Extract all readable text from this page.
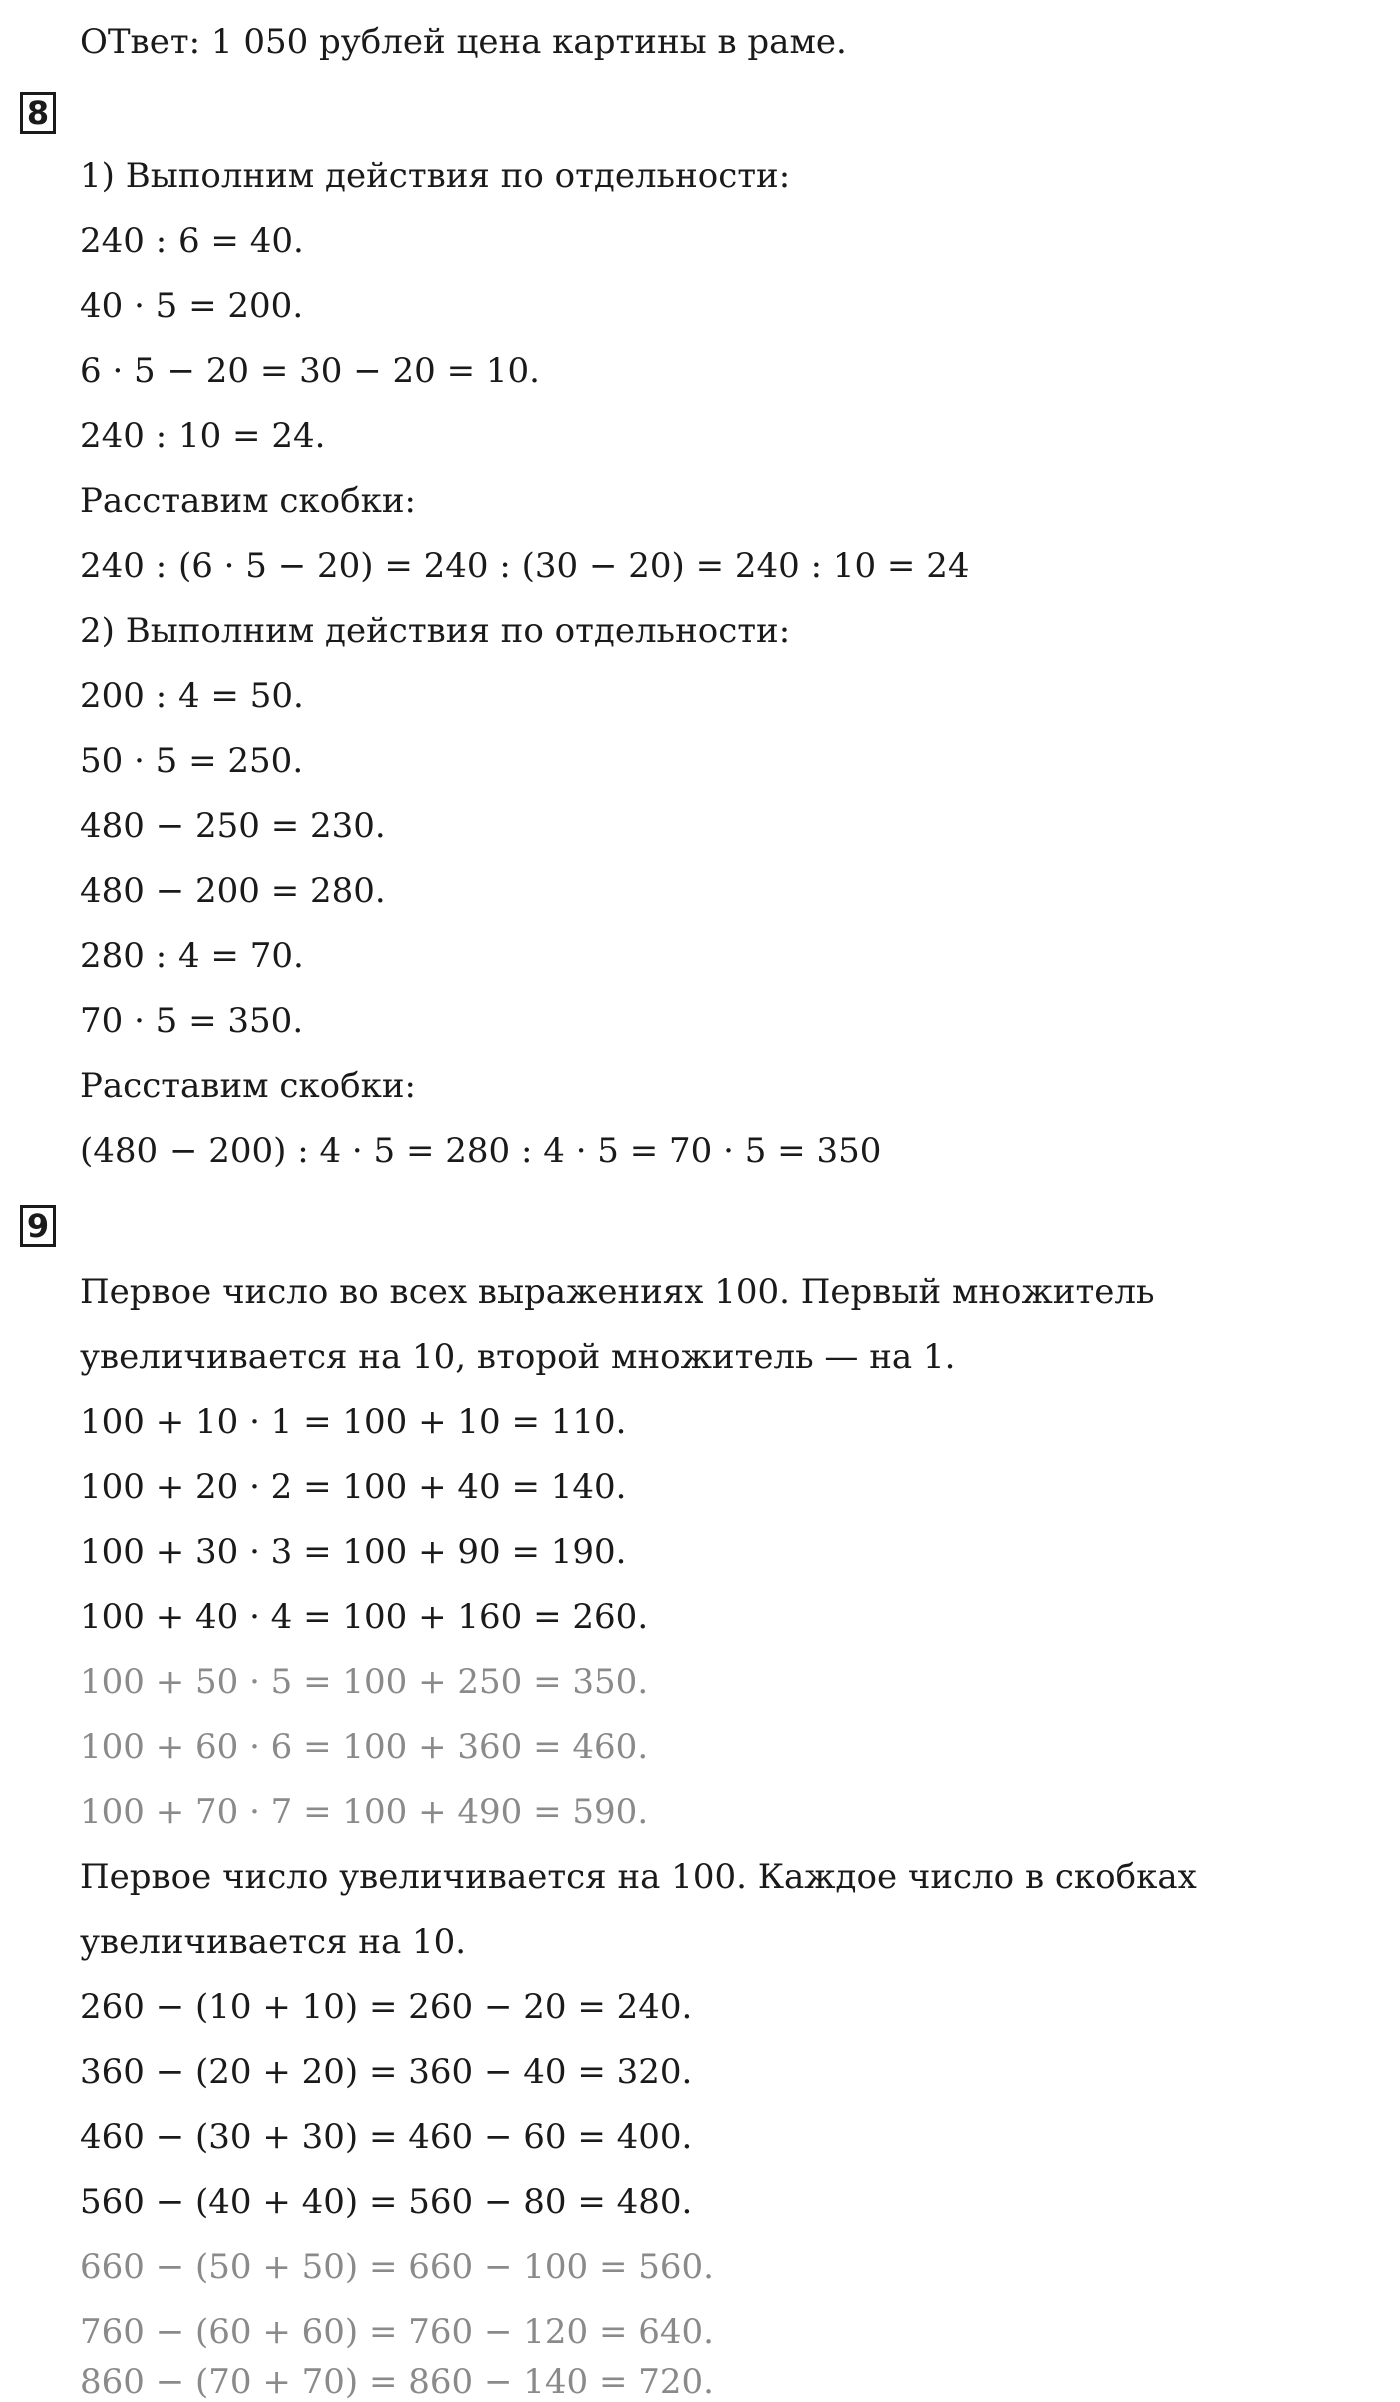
ОТвет: 1 050 рублей цена картины в раме.
8
1) Выполним действия по отдельности:
240 : 6 = 40.
40 · 5 = 200.
6 · 5 − 20 = 30 − 20 = 10.
240 : 10 = 24.
Расставим скобки:
240 : (6 · 5 − 20) = 240 : (30 − 20) = 240 : 10 = 24
2) Выполним действия по отдельности:
200 : 4 = 50.
50 · 5 = 250.
480 − 250 = 230.
480 − 200 = 280.
280 : 4 = 70.
70 · 5 = 350.
Расставим скобки:
(480 − 200) : 4 · 5 = 280 : 4 · 5 = 70 · 5 = 350
9
Первое число во всех выражениях 100. Первый множитель
увеличивается на 10, второй множитель — на 1.
100 + 10 · 1 = 100 + 10 = 110.
100 + 20 · 2 = 100 + 40 = 140.
100 + 30 · 3 = 100 + 90 = 190.
100 + 40 · 4 = 100 + 160 = 260.
100 + 50 · 5 = 100 + 250 = 350.
100 + 60 · 6 = 100 + 360 = 460.
100 + 70 · 7 = 100 + 490 = 590.
Первое число увеличивается на 100. Каждое число в скобках
увеличивается на 10.
260 − (10 + 10) = 260 − 20 = 240.
360 − (20 + 20) = 360 − 40 = 320.
460 − (30 + 30) = 460 − 60 = 400.
560 − (40 + 40) = 560 − 80 = 480.
660 − (50 + 50) = 660 − 100 = 560.
760 − (60 + 60) = 760 − 120 = 640.
860 − (70 + 70) = 860 − 140 = 720.
